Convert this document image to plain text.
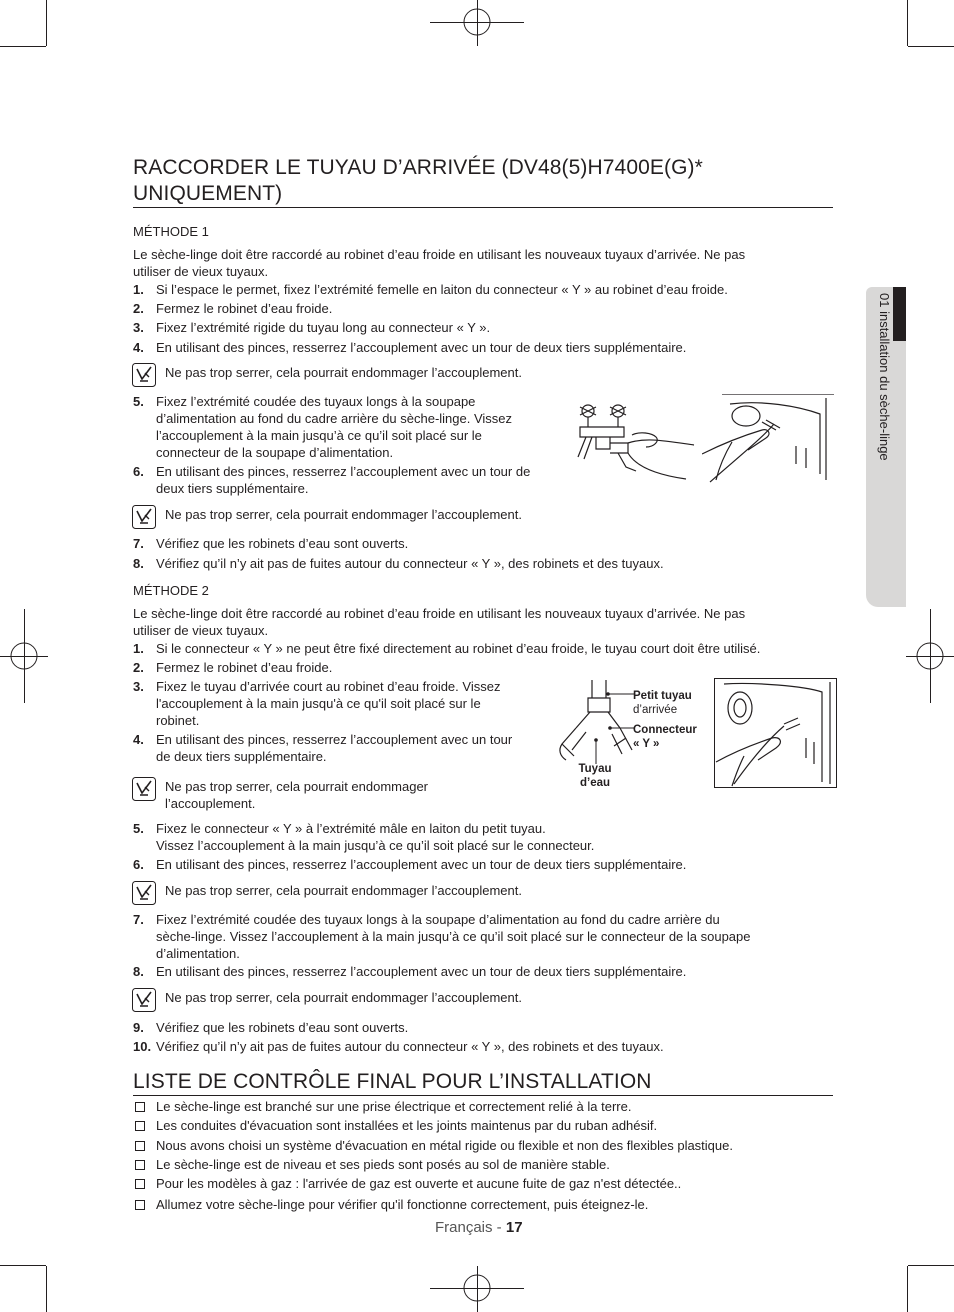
RACCORDER LE TUYAU D’ARRIVÉE (DV48(5)H7400E(G)*
UNIQUEMENT)
MÉTHODE 1
Le sèche-linge doit être raccordé au robinet d’eau froide en utilisant les nouveaux tuyaux d’arrivée. Ne pas
utiliser de vieux tuyaux.
1. Si l’espace le permet, fixez l’extrémité femelle en laiton du connecteur « Y » au robinet d’eau froide.
2. Fermez le robinet d’eau froide.
3. Fixez l’extrémité rigide du tuyau long au connecteur « Y ».
4. En utilisant des pinces, resserrez l’accouplement avec un tour de deux tiers supplémentaire.
Ne pas trop serrer, cela pourrait endommager l’accouplement.
5. Fixez l’extrémité coudée des tuyaux longs à la soupape
d’alimentation au fond du cadre arrière du sèche-linge. Vissez
l’accouplement à la main jusqu’à ce qu’il soit placé sur le
connecteur de la soupape d’alimentation.
6. En utilisant des pinces, resserrez l’accouplement avec un tour de
deux tiers supplémentaire.
Ne pas trop serrer, cela pourrait endommager l’accouplement.
7. Vérifiez que les robinets d’eau sont ouverts.
8. Vérifiez qu’il n’y ait pas de fuites autour du connecteur « Y », des robinets et des tuyaux.
MÉTHODE 2
Le sèche-linge doit être raccordé au robinet d’eau froide en utilisant les nouveaux tuyaux d’arrivée. Ne pas
utiliser de vieux tuyaux.
1. Si le connecteur « Y » ne peut être fixé directement au robinet d’eau froide, le tuyau court doit être utilisé.
2. Fermez le robinet d’eau froide.
3. Fixez le tuyau d’arrivée court au robinet d’eau froide. Vissez
l'accouplement à la main jusqu'à ce qu'il soit placé sur le
robinet.
4. En utilisant des pinces, resserrez l’accouplement avec un tour
de deux tiers supplémentaire.
Petit tuyau
d’arrivée
Connecteur
« Y »
Tuyau
d’eau
Ne pas trop serrer, cela pourrait endommager
l’accouplement.
5. Fixez le connecteur « Y » à l’extrémité mâle en laiton du petit tuyau.
Vissez l’accouplement à la main jusqu’à ce qu’il soit placé sur le connecteur.
6. En utilisant des pinces, resserrez l’accouplement avec un tour de deux tiers supplémentaire.
Ne pas trop serrer, cela pourrait endommager l’accouplement.
7. Fixez l’extrémité coudée des tuyaux longs à la soupape d’alimentation au fond du cadre arrière du
sèche-linge. Vissez l’accouplement à la main jusqu’à ce qu’il soit placé sur le connecteur de la soupape
d’alimentation.
8. En utilisant des pinces, resserrez l’accouplement avec un tour de deux tiers supplémentaire.
Ne pas trop serrer, cela pourrait endommager l’accouplement.
9. Vérifiez que les robinets d’eau sont ouverts.
10. Vérifiez qu’il n’y ait pas de fuites autour du connecteur « Y », des robinets et des tuyaux.
LISTE DE CONTRÔLE FINAL POUR L’INSTALLATION
Le sèche-linge est branché sur une prise électrique et correctement relié à la terre.
Les conduites d'évacuation sont installées et les joints maintenus par du ruban adhésif.
Nous avons choisi un système d'évacuation en métal rigide ou flexible et non des flexibles plastique.
Le sèche-linge est de niveau et ses pieds sont posés au sol de manière stable.
Pour les modèles à gaz : l'arrivée de gaz est ouverte et aucune fuite de gaz n'est détectée..
Allumez votre sèche-linge pour vérifier qu'il fonctionne correctement, puis éteignez-le.
01 installation du sèche-linge
Français - 17
